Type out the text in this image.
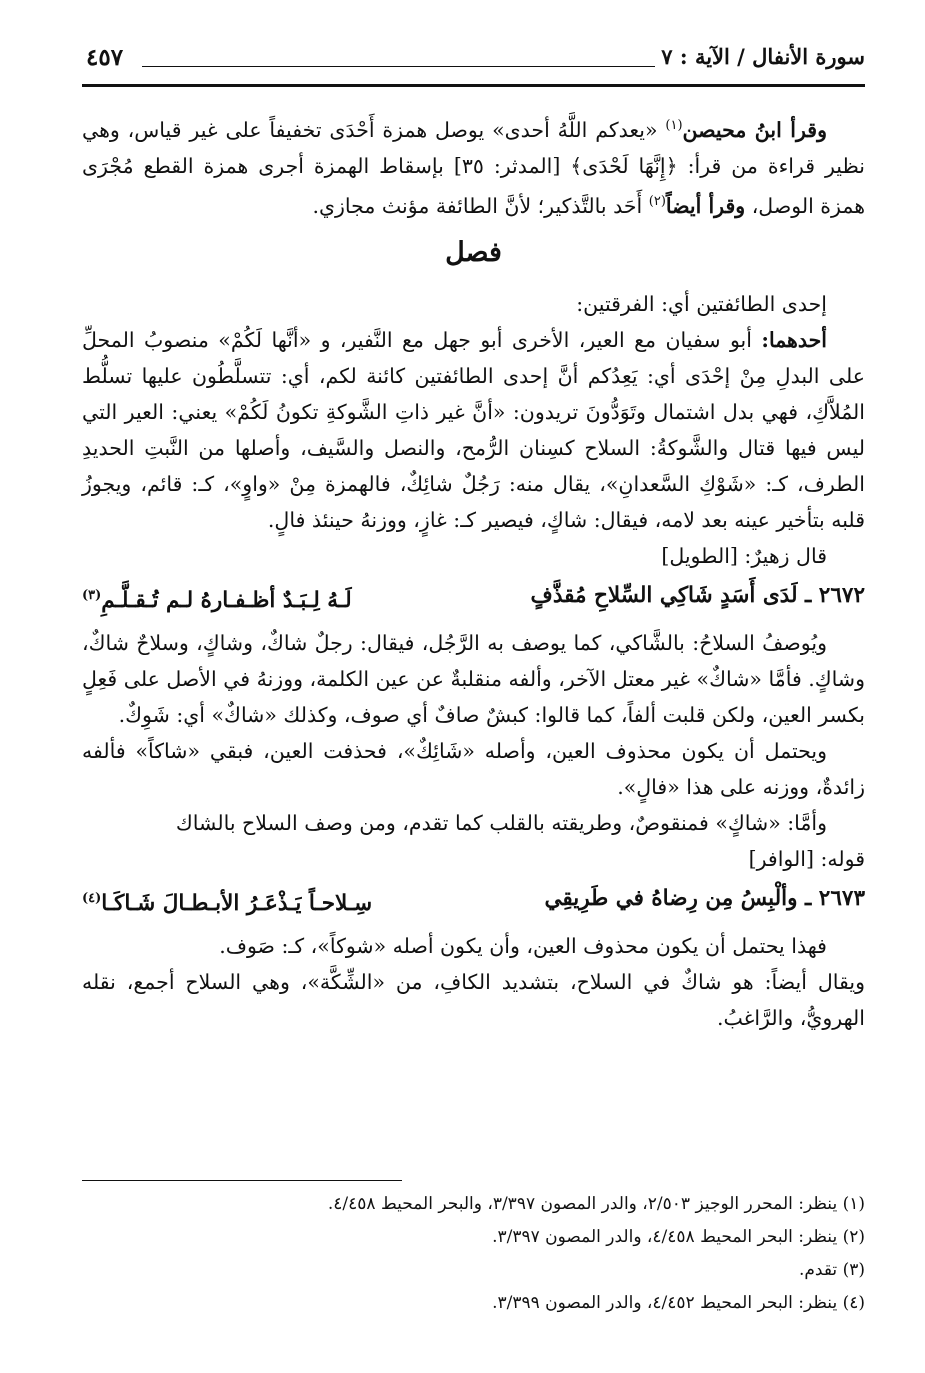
سورة الأنفال / الآية : ٧
٤٥٧

وقرأ ابنُ محيصن$^{(١)}$ «يعدكم اللَّهُ أحدى» يوصل همزة أَحْدَى تخفيفاً على غير قياس، وهي نظير قراءة من قرأ: ﴿إِنَّهَا لَحْدَى﴾ [المدثر: ٣٥] بإسقاط الهمزة أجرى همزة القطع مُجْرَى همزة الوصل، وقرأ أيضاً$^{(٢)}$ أَحَد بالتَّذكير؛ لأنَّ الطائفة مؤنث مجازي.

فصل

إحدى الطائفتين أي: الفرقتين:

أحدهما: أبو سفيان مع العير، الأخرى أبو جهل مع النَّفير، و «أنَّها لَكُمْ» منصوبُ المحلِّ على البدلِ مِنْ إحْدَى أي: يَعِدُكم أنَّ إحدى الطائفتين كائنة لكم، أي: تتسلَّطُون عليها تسلُّط المُلاَّكِ، فهي بدل اشتمال وتَوَدُّونَ تريدون: «أنَّ غير ذاتِ الشَّوكةِ تكونُ لَكُمْ» يعني: العير التي ليس فيها قتال والشَّوكةُ: السلاح كسِنان الرُّمح، والنصل والسَّيف، وأصلها من النَّبتِ الحديدِ الطرف، كـ: «شَوْكِ السَّعدانِ»، يقال منه: رَجُلٌ شائِكٌ، فالهمزة مِنْ «واوٍ»، كـ: قائم، ويجوزُ قلبه بتأخير عينه بعد لامه، فيقال: شاكٍ، فيصير كـ: غازٍ، ووزنهُ حينئذ فالٍ.

قال زهيرٌ: [الطويل]

٢٦٧٢ ـ لَدَى أَسَدٍ شَاكِي السِّلاحِ مُقذَّفٍ
لَـهُ لِـبَـدٌ أظـفـارهُ لـم تُـقـلَّـمِ$^{(٣)}$

ويُوصفُ السلاحُ: بالشَّاكي، كما يوصف به الرَّجُل، فيقال: رجلٌ شاكٌ، وشاكٍ، وسلاحٌ شاكٌ، وشاكٍ. فأمَّا «شاكٌ» غير معتل الآخر، وألفه منقلبةٌ عن عين الكلمة، ووزنهُ في الأصل على فَعِلٍ بكسر العين، ولكن قلبت ألفاً، كما قالوا: كبشٌ صافٌ أي صوف، وكذلك «شاكٌ» أي: شَوِكٌ.

ويحتمل أن يكون محذوف العين، وأصله «شَائِكٌ»، فحذفت العين، فبقي «شاكاً» فألفه زائدةٌ، ووزنه على هذا «فالٍ».

وأمَّا: «شاكٍ» فمنقوصٌ، وطريقته بالقلب كما تقدم، ومن وصف السلاح بالشاك

قوله: [الوافر]

٢٦٧٣ ـ وألْبِسُ مِن رِضاهُ في طَرِيقِي
سِـلاحـاً يَـذْعَـرُ الأبـطـالَ شَـاكَـا$^{(٤)}$

فهذا يحتمل أن يكون محذوف العين، وأن يكون أصله «شوكاً»، كـ: صَوف.

ويقال أيضاً: هو شاكٌ في السلاح، بتشديد الكافِ، من «الشِّكَّة»، وهي السلاح أجمع، نقله الهرويُّ، والرَّاغبُ.

(١) ينظر: المحرر الوجيز ٢/٥٠٣، والدر المصون ٣/٣٩٧، والبحر المحيط ٤/٤٥٨.

(٢) ينظر: البحر المحيط ٤/٤٥٨، والدر المصون ٣/٣٩٧.

(٣) تقدم.

(٤) ينظر: البحر المحيط ٤/٤٥٢، والدر المصون ٣/٣٩٩.
